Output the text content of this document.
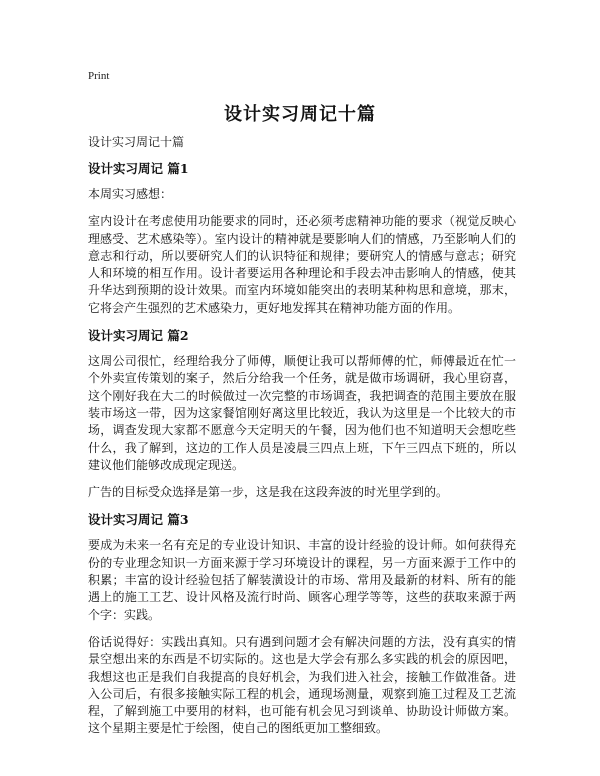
Print
设计实习周记十篇
设计实习周记十篇
设计实习周记 篇1

本周实习感想：

室内设计在考虑使用功能要求的同时，还必须考虑精神功能的要求（视觉反映心理感受、艺术感染等）。室内设计的精神就是要影响人们的情感，乃至影响人们的意志和行动，所以要研究人们的认识特征和规律；要研究人的情感与意志；研究人和环境的相互作用。设计者要运用各种理论和手段去冲击影响人的情感，使其升华达到预期的设计效果。而室内环境如能突出的表明某种构思和意境，那末，它将会产生强烈的艺术感染力，更好地发挥其在精神功能方面的作用。

设计实习周记 篇2

这周公司很忙，经理给我分了师傅，顺便让我可以帮师傅的忙，师傅最近在忙一个外卖宣传策划的案子，然后分给我一个任务，就是做市场调研，我心里窃喜，这个刚好我在大二的时候做过一次完整的市场调查，我把调查的范围主要放在服装市场这一带，因为这家餐馆刚好离这里比较近，我认为这里是一个比较大的市场，调查发现大家都不愿意今天定明天的午餐，因为他们也不知道明天会想吃些什么，我了解到，这边的工作人员是凌晨三四点上班，下午三四点下班的，所以建议他们能够改成现定现送。

广告的目标受众选择是第一步，这是我在这段奔波的时光里学到的。

设计实习周记 篇3

要成为未来一名有充足的专业设计知识、丰富的设计经验的设计师。如何获得充份的专业理念知识一方面来源于学习环境设计的课程，另一方面来源于工作中的积累；丰富的设计经验包括了解装潢设计的市场、常用及最新的材料、所有的能遇上的施工工艺、设计风格及流行时尚、顾客心理学等等，这些的获取来源于两个字：实践。

俗话说得好：实践出真知。只有遇到问题才会有解决问题的方法，没有真实的情景空想出来的东西是不切实际的。这也是大学会有那么多实践的机会的原因吧，我想这也正是我们自我提高的良好机会，为我们进入社会，接触工作做准备。进入公司后，有很多接触实际工程的机会，通现场测量，观察到施工过程及工艺流程，了解到施工中要用的材料，也可能有机会见习到谈单、协助设计师做方案。这个星期主要是忙于绘图，使自己的图纸更加工整细致。
